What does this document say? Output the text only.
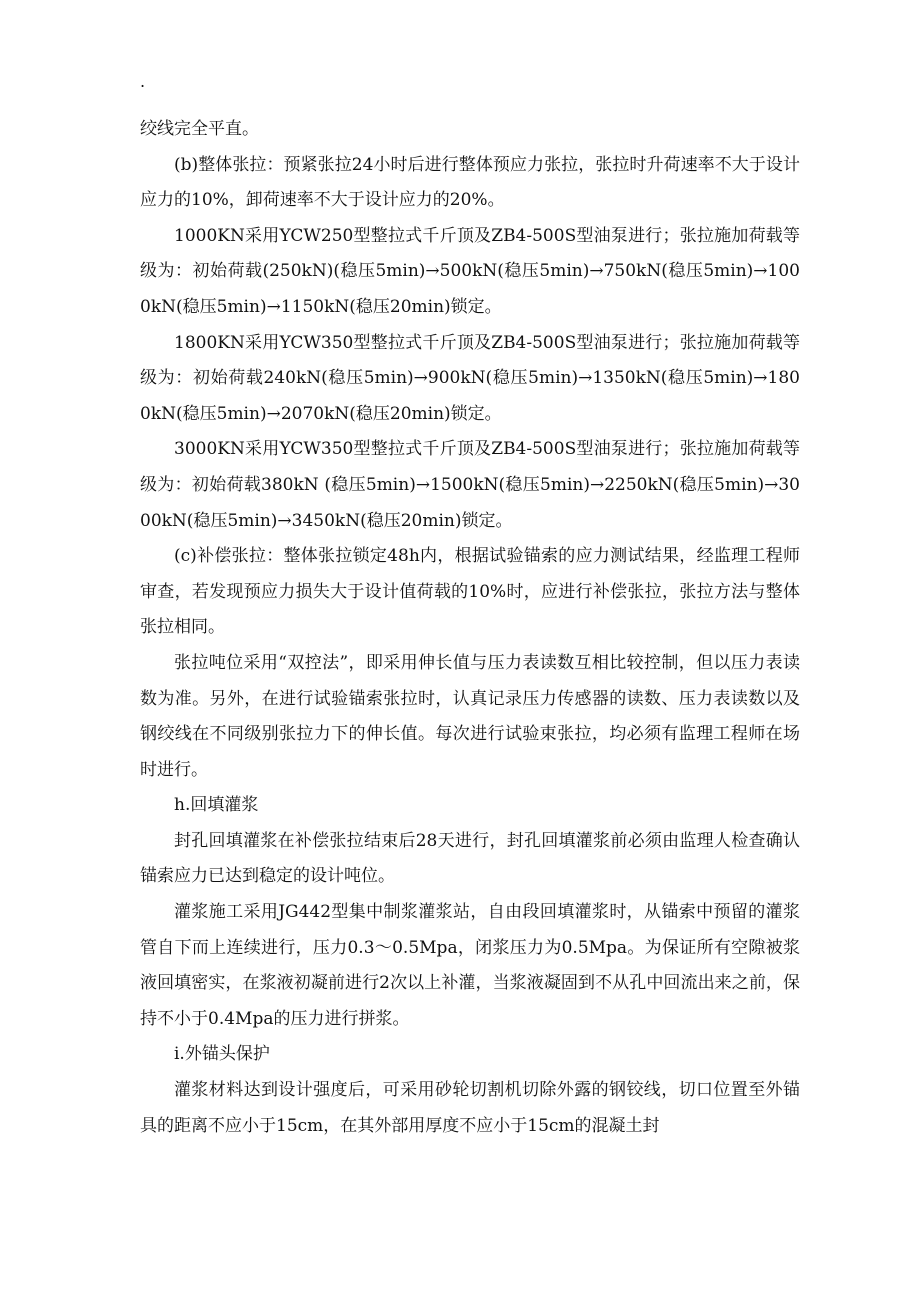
.

绞线完全平直。

(b)整体张拉：预紧张拉24小时后进行整体预应力张拉，张拉时升荷速率不大于设计应力的10%，卸荷速率不大于设计应力的20%。

1000KN采用YCW250型整拉式千斤顶及ZB4-500S型油泵进行；张拉施加荷载等级为：初始荷载(250kN)(稳压5min)→500kN(稳压5min)→750kN(稳压5min)→1000kN(稳压5min)→1150kN(稳压20min)锁定。

1800KN采用YCW350型整拉式千斤顶及ZB4-500S型油泵进行；张拉施加荷载等级为：初始荷载240kN(稳压5min)→900kN(稳压5min)→1350kN(稳压5min)→1800kN(稳压5min)→2070kN(稳压20min)锁定。

3000KN采用YCW350型整拉式千斤顶及ZB4-500S型油泵进行；张拉施加荷载等级为：初始荷载380kN (稳压5min)→1500kN(稳压5min)→2250kN(稳压5min)→3000kN(稳压5min)→3450kN(稳压20min)锁定。

(c)补偿张拉：整体张拉锁定48h内，根据试验锚索的应力测试结果，经监理工程师审查，若发现预应力损失大于设计值荷载的10%时，应进行补偿张拉，张拉方法与整体张拉相同。

张拉吨位采用“双控法”，即采用伸长值与压力表读数互相比较控制，但以压力表读数为准。另外，在进行试验锚索张拉时，认真记录压力传感器的读数、压力表读数以及钢绞线在不同级别张拉力下的伸长值。每次进行试验束张拉，均必须有监理工程师在场时进行。

h.回填灌浆

封孔回填灌浆在补偿张拉结束后28天进行，封孔回填灌浆前必须由监理人检查确认锚索应力已达到稳定的设计吨位。

灌浆施工采用JG442型集中制浆灌浆站，自由段回填灌浆时，从锚索中预留的灌浆管自下而上连续进行，压力0.3～0.5Mpa，闭浆压力为0.5Mpa。为保证所有空隙被浆液回填密实，在浆液初凝前进行2次以上补灌，当浆液凝固到不从孔中回流出来之前，保持不小于0.4Mpa的压力进行拼浆。

i.外锚头保护

灌浆材料达到设计强度后，可采用砂轮切割机切除外露的钢铰线，切口位置至外锚具的距离不应小于15cm，在其外部用厚度不应小于15cm的混凝土封
